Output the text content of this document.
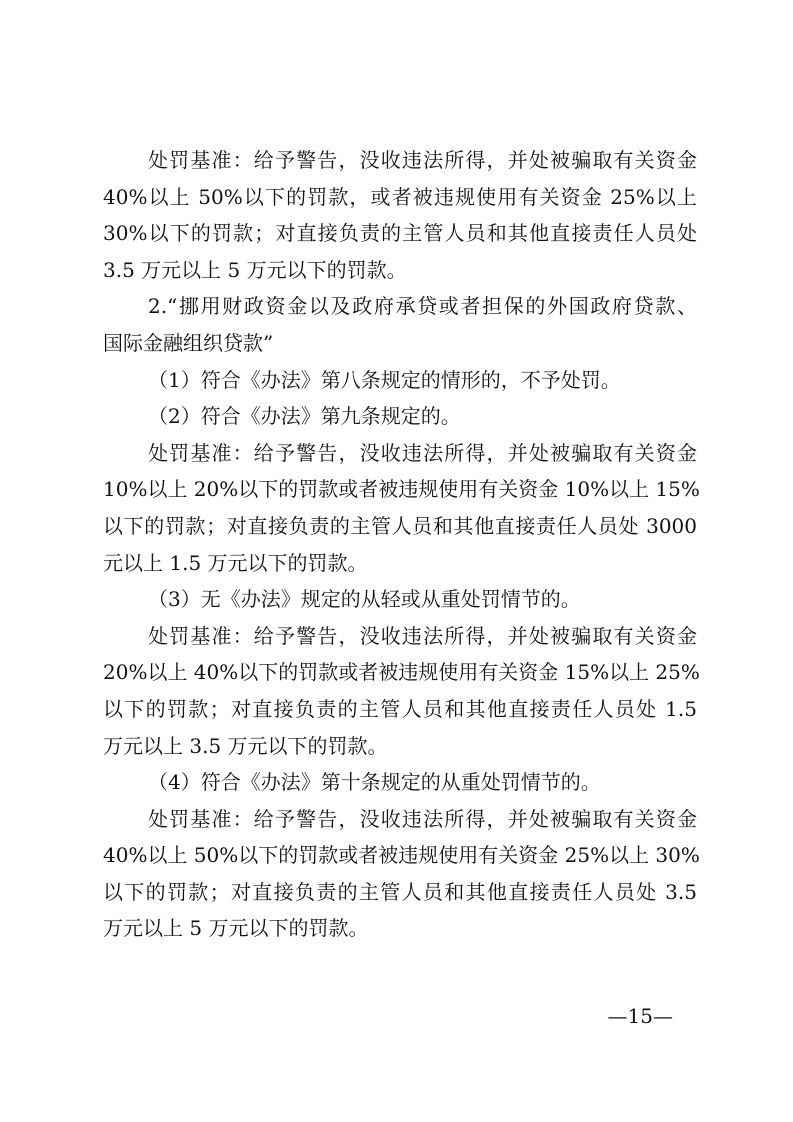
处罚基准：给予警告，没收违法所得，并处被骗取有关资金
40%以上 50%以下的罚款，或者被违规使用有关资金 25%以上
30%以下的罚款；对直接负责的主管人员和其他直接责任人员处
3.5 万元以上 5 万元以下的罚款。
2.“挪用财政资金以及政府承贷或者担保的外国政府贷款、
国际金融组织贷款”
（1）符合《办法》第八条规定的情形的，不予处罚。
（2）符合《办法》第九条规定的。
处罚基准：给予警告，没收违法所得，并处被骗取有关资金
10%以上 20%以下的罚款或者被违规使用有关资金 10%以上 15%
以下的罚款；对直接负责的主管人员和其他直接责任人员处 3000
元以上 1.5 万元以下的罚款。
（3）无《办法》规定的从轻或从重处罚情节的。
处罚基准：给予警告，没收违法所得，并处被骗取有关资金
20%以上 40%以下的罚款或者被违规使用有关资金 15%以上 25%
以下的罚款；对直接负责的主管人员和其他直接责任人员处 1.5
万元以上 3.5 万元以下的罚款。
（4）符合《办法》第十条规定的从重处罚情节的。
处罚基准：给予警告，没收违法所得，并处被骗取有关资金
40%以上 50%以下的罚款或者被违规使用有关资金 25%以上 30%
以下的罚款；对直接负责的主管人员和其他直接责任人员处 3.5
万元以上 5 万元以下的罚款。
—15—
